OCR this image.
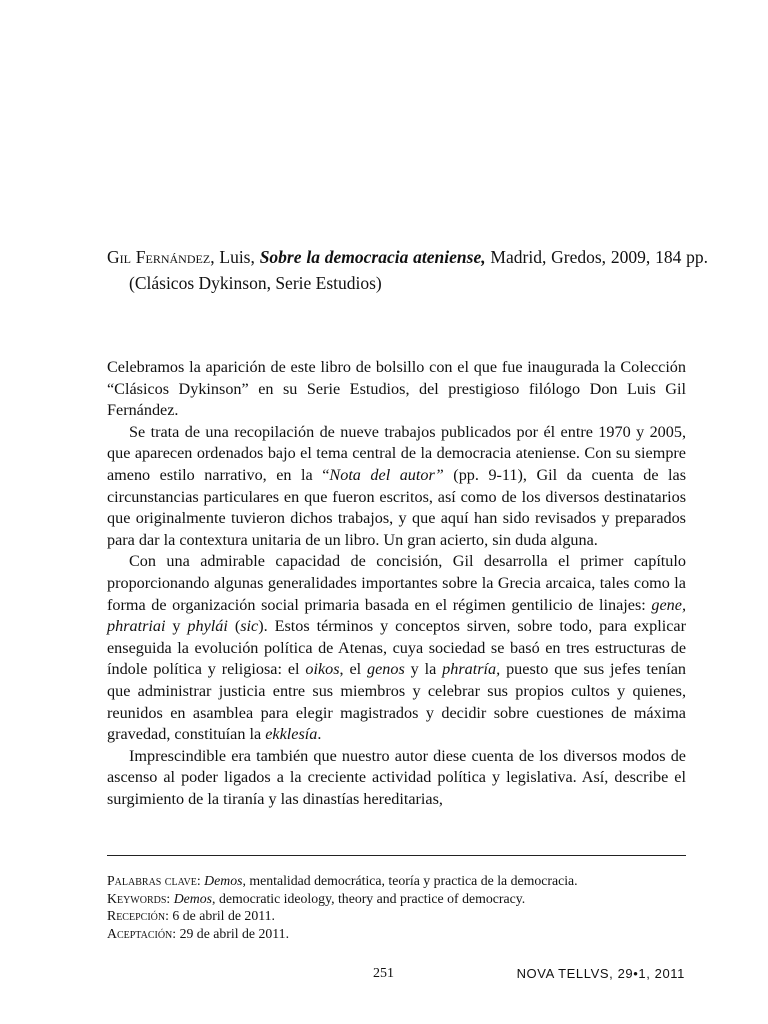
Gil Fernández, Luis, Sobre la democracia ateniense, Madrid, Gredos, 2009, 184 pp. (Clásicos Dykinson, Serie Estudios)

Celebramos la aparición de este libro de bolsillo con el que fue inaugurada la Colección “Clásicos Dykinson” en su Serie Estudios, del prestigioso filólogo Don Luis Gil Fernández.

Se trata de una recopilación de nueve trabajos publicados por él entre 1970 y 2005, que aparecen ordenados bajo el tema central de la democracia ateniense. Con su siempre ameno estilo narrativo, en la “Nota del autor” (pp. 9-11), Gil da cuenta de las circunstancias particulares en que fueron escritos, así como de los diversos destinatarios que originalmente tuvieron dichos trabajos, y que aquí han sido revisados y preparados para dar la contextura unitaria de un libro. Un gran acierto, sin duda alguna.

Con una admirable capacidad de concisión, Gil desarrolla el primer capítulo proporcionando algunas generalidades importantes sobre la Grecia arcaica, tales como la forma de organización social primaria basada en el régimen gentilicio de linajes: gene, phratriai y phylái (sic). Estos términos y conceptos sirven, sobre todo, para explicar enseguida la evolución política de Atenas, cuya sociedad se basó en tres estructuras de índole política y religiosa: el oikos, el genos y la phratría, puesto que sus jefes tenían que administrar justicia entre sus miembros y celebrar sus propios cultos y quienes, reunidos en asamblea para elegir magistrados y decidir sobre cuestiones de máxima gravedad, constituían la ekklesía.

Imprescindible era también que nuestro autor diese cuenta de los diversos modos de ascenso al poder ligados a la creciente actividad política y legislativa. Así, describe el surgimiento de la tiranía y las dinastías hereditarias,

Palabras clave: Demos, mentalidad democrática, teoría y practica de la democracia.
Keywords: Demos, democratic ideology, theory and practice of democracy.
Recepción: 6 de abril de 2011.
Aceptación: 29 de abril de 2011.
251	NOVA TELLVS, 29•1, 2011
